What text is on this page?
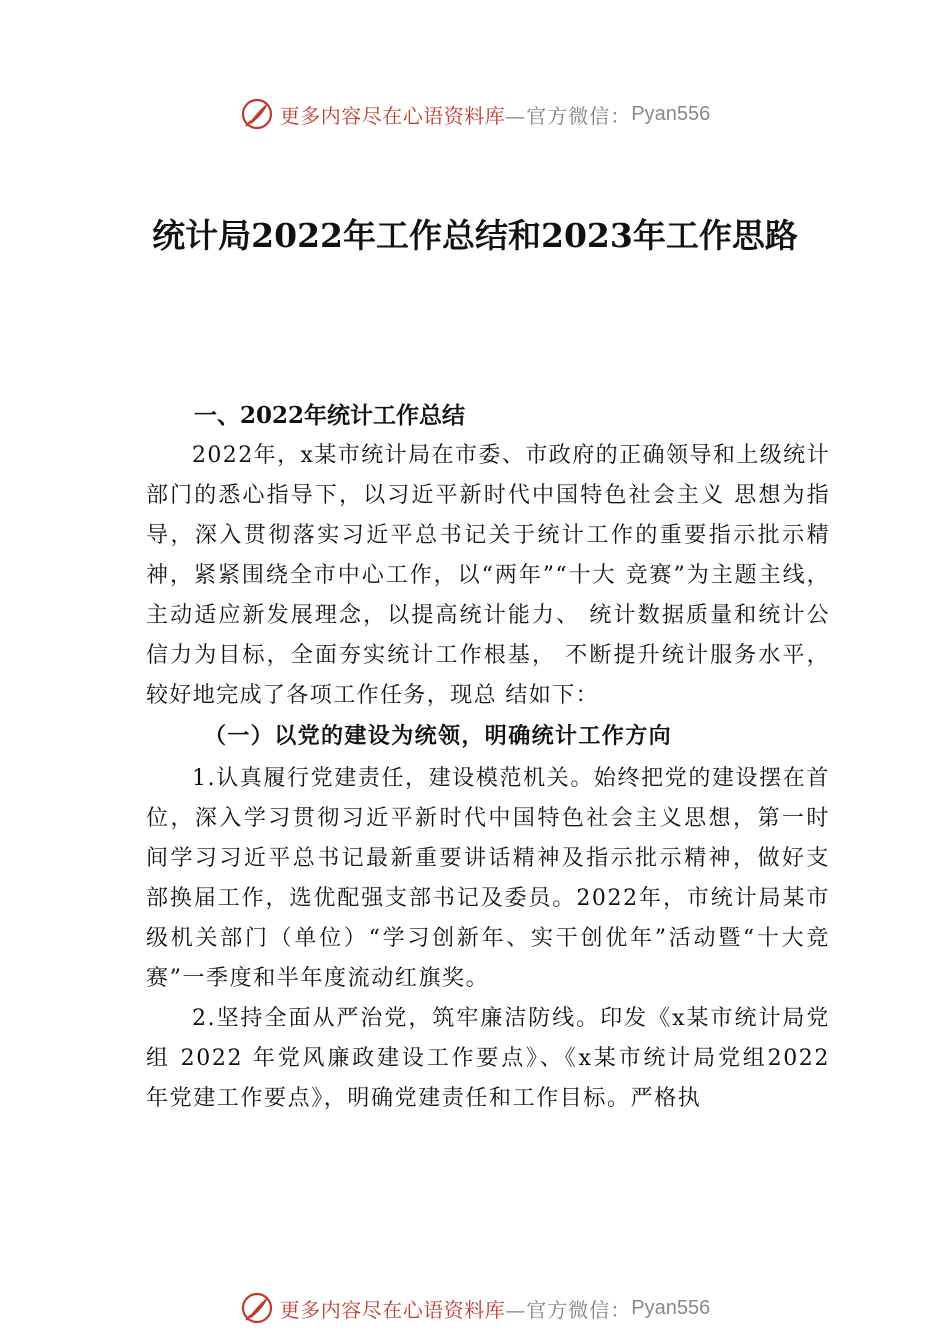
更多内容尽在心语资料库 —官方微信： Pyan556
统计局2022年工作总结和2023年工作思路
一、2022年统计工作总结

2022年，x某市统计局在市委、市政府的正确领导和上级统计部门的悉心指导下，以习近平新时代中国特色社会主义 思想为指导，深入贯彻落实习近平总书记关于统计工作的重要指示批示精神，紧紧围绕全市中心工作，以“两年”“十大 竞赛”为主题主线，主动适应新发展理念，以提高统计能力、 统计数据质量和统计公信力为目标，全面夯实统计工作根基， 不断提升统计服务水平，较好地完成了各项工作任务，现总 结如下：

（一）以党的建设为统领，明确统计工作方向

1.认真履行党建责任，建设模范机关。始终把党的建设摆在首位，深入学习贯彻习近平新时代中国特色社会主义思想，第一时间学习习近平总书记最新重要讲话精神及指示批示精神，做好支部换届工作，选优配强支部书记及委员。2022年，市统计局某市级机关部门（单位）“学习创新年、实干创优年”活动暨“十大竞赛”一季度和半年度流动红旗奖。

2.坚持全面从严治党，筑牢廉洁防线。印发《x某市统计局党组 2022 年党风廉政建设工作要点》、《x某市统计局党组2022 年党建工作要点》，明确党建责任和工作目标。严格执

更多内容尽在心语资料库 —官方微信： Pyan556
